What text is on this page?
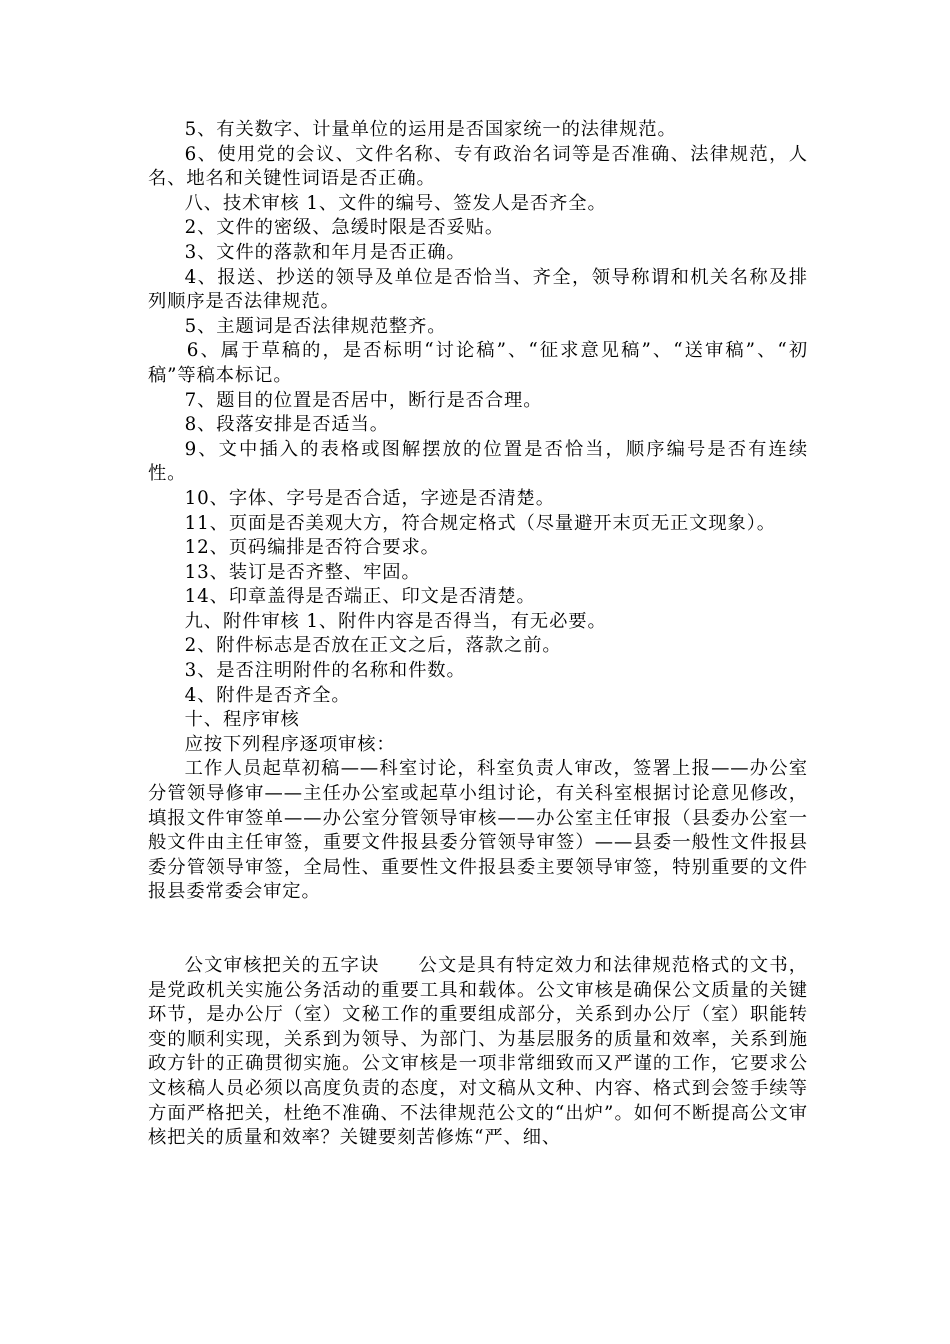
5、有关数字、计量单位的运用是否国家统一的法律规范。

6、使用党的会议、文件名称、专有政治名词等是否准确、法律规范，人名、地名和关键性词语是否正确。

八、技术审核 1、文件的编号、签发人是否齐全。

2、文件的密级、急缓时限是否妥贴。

3、文件的落款和年月是否正确。

4、报送、抄送的领导及单位是否恰当、齐全，领导称谓和机关名称及排列顺序是否法律规范。

5、主题词是否法律规范整齐。

6、属于草稿的，是否标明“讨论稿”、“征求意见稿”、“送审稿”、“初稿”等稿本标记。

7、题目的位置是否居中，断行是否合理。

8、段落安排是否适当。

9、文中插入的表格或图解摆放的位置是否恰当，顺序编号是否有连续性。

10、字体、字号是否合适，字迹是否清楚。

11、页面是否美观大方，符合规定格式（尽量避开末页无正文现象）。

12、页码编排是否符合要求。

13、装订是否齐整、牢固。

14、印章盖得是否端正、印文是否清楚。

九、附件审核 1、附件内容是否得当，有无必要。

2、附件标志是否放在正文之后，落款之前。

3、是否注明附件的名称和件数。

4、附件是否齐全。

十、程序审核

应按下列程序逐项审核：

工作人员起草初稿——科室讨论，科室负责人审改，签署上报——办公室分管领导修审——主任办公室或起草小组讨论，有关科室根据讨论意见修改，填报文件审签单——办公室分管领导审核——办公室主任审报（县委办公室一般文件由主任审签，重要文件报县委分管领导审签）——县委一般性文件报县委分管领导审签，全局性、重要性文件报县委主要领导审签，特别重要的文件报县委常委会审定。

公文审核把关的五字诀　　公文是具有特定效力和法律规范格式的文书，是党政机关实施公务活动的重要工具和载体。公文审核是确保公文质量的关键环节，是办公厅（室）文秘工作的重要组成部分，关系到办公厅（室）职能转变的顺利实现，关系到为领导、为部门、为基层服务的质量和效率，关系到施政方针的正确贯彻实施。公文审核是一项非常细致而又严谨的工作，它要求公文核稿人员必须以高度负责的态度，对文稿从文种、内容、格式到会签手续等方面严格把关，杜绝不准确、不法律规范公文的“出炉”。如何不断提高公文审核把关的质量和效率？关键要刻苦修炼“严、细、
